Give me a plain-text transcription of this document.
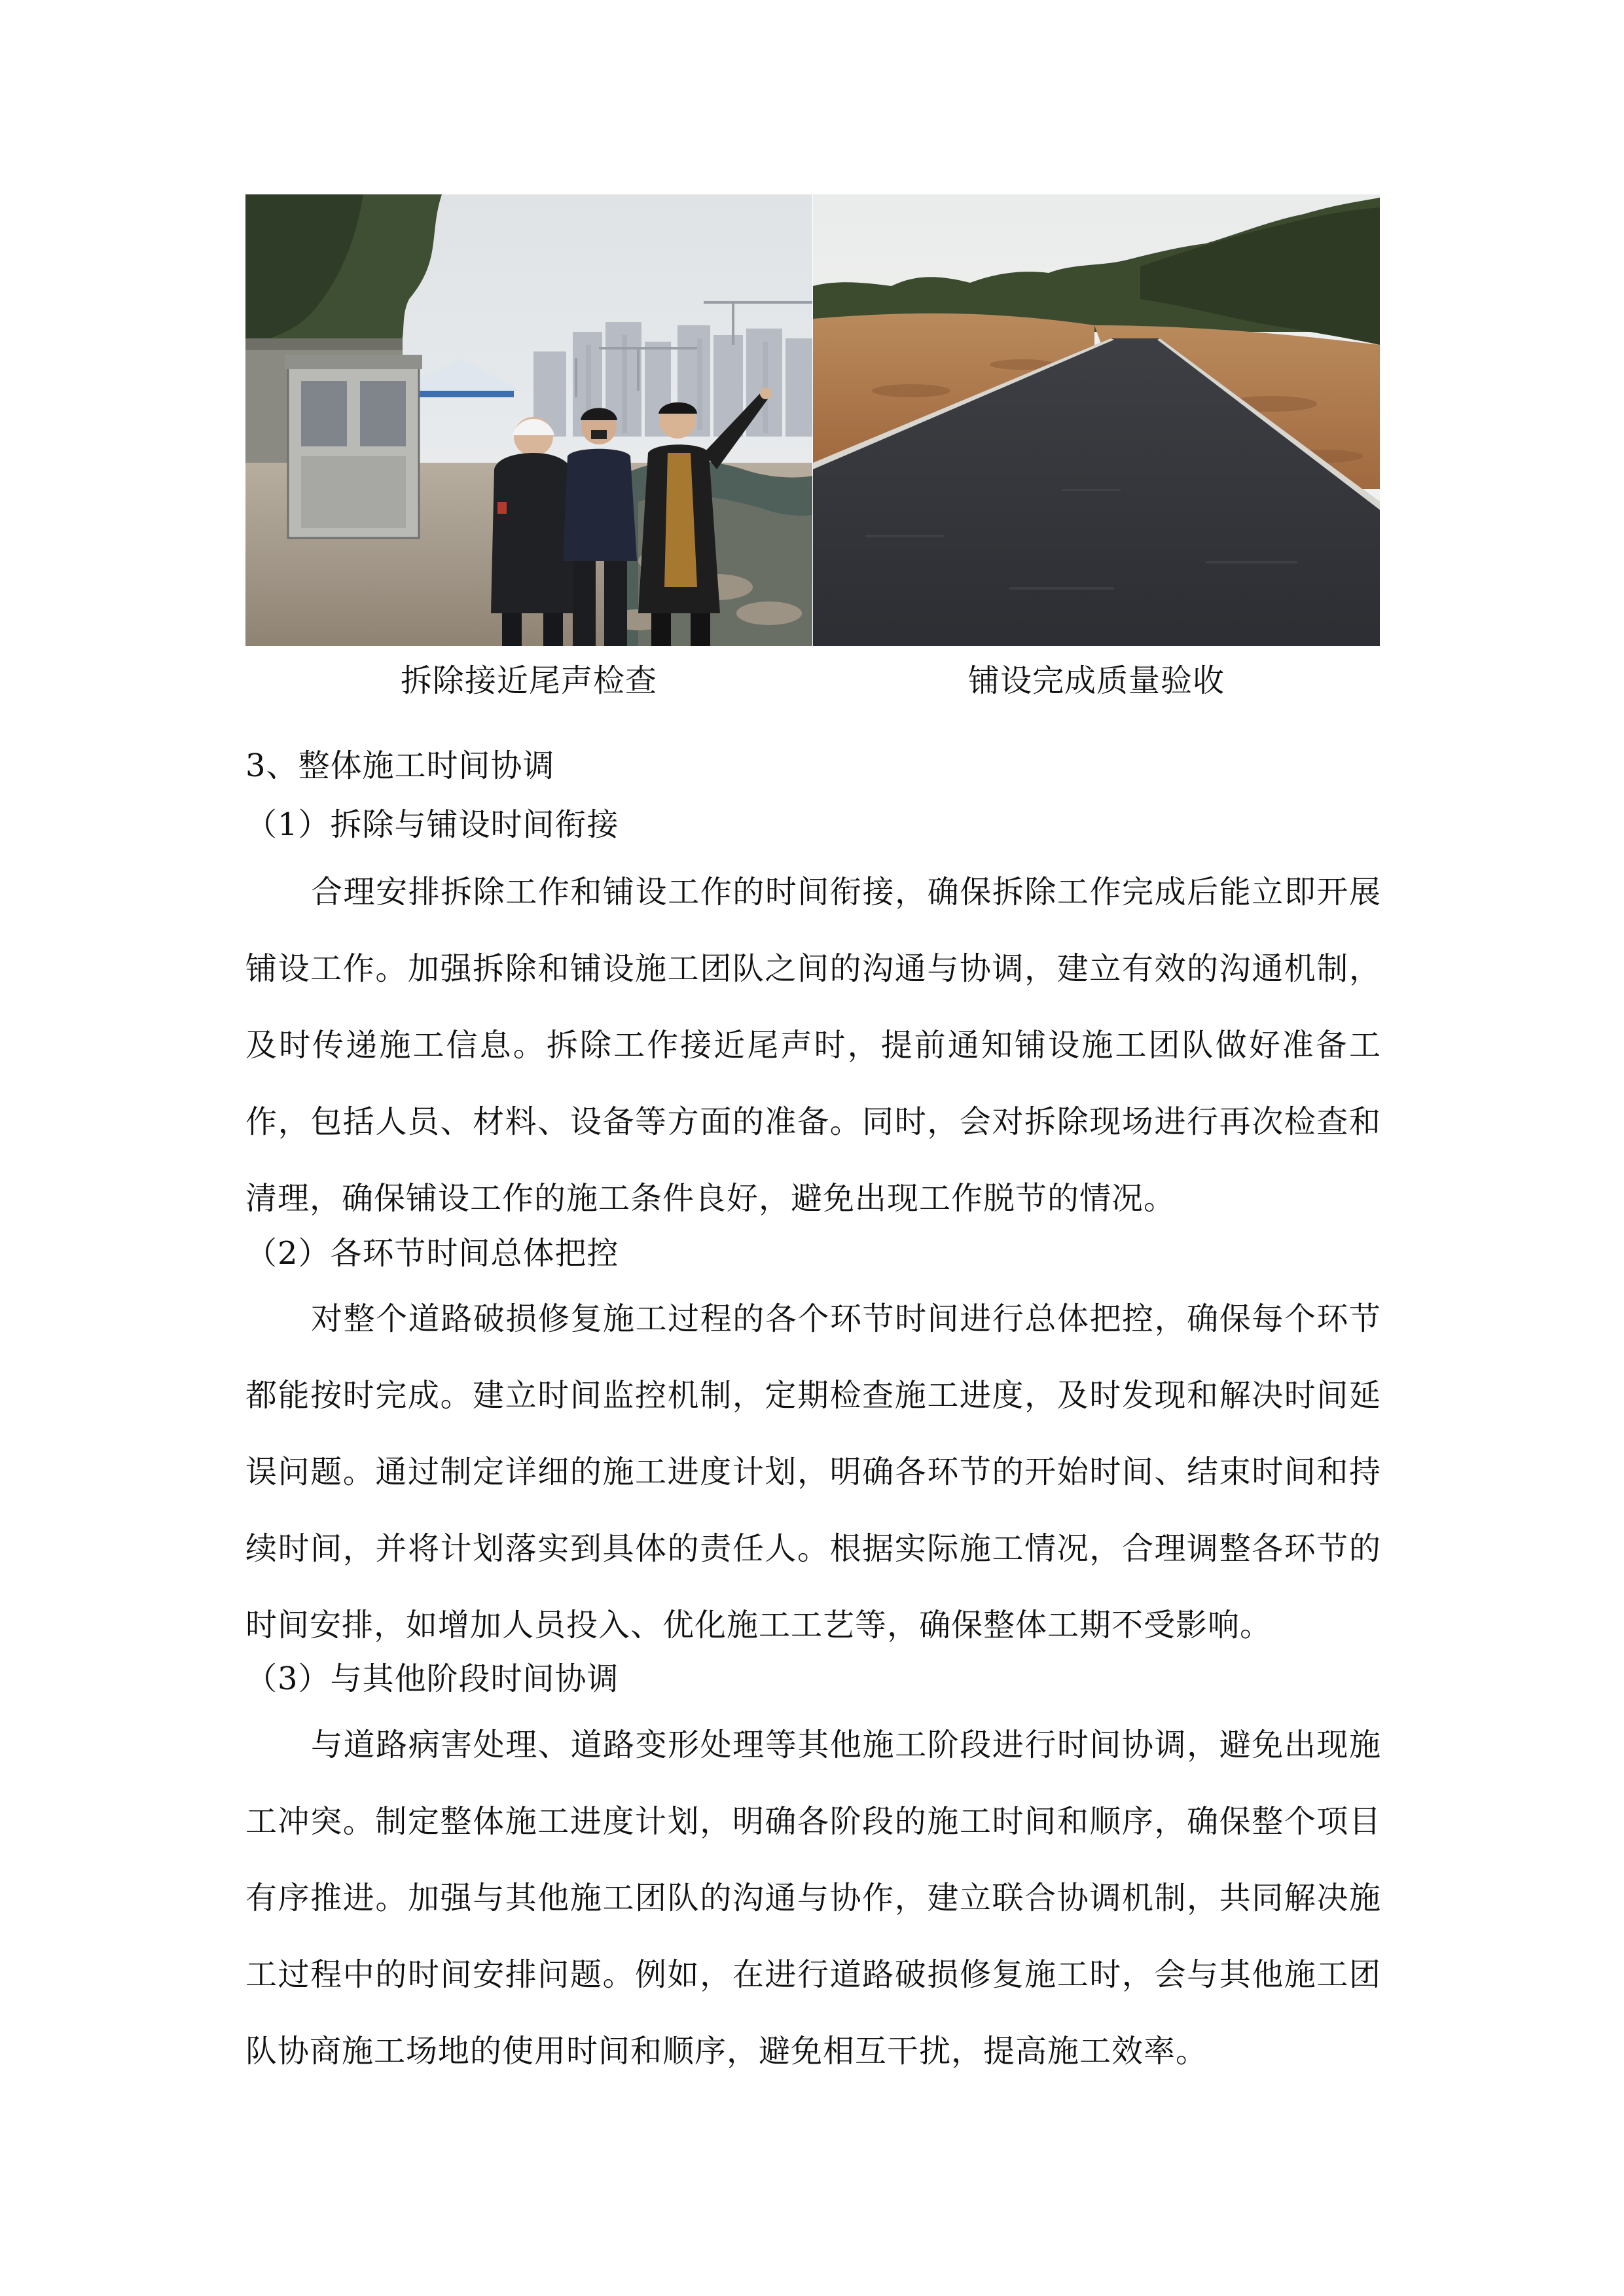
拆除接近尾声检查	铺设完成质量验收
3、整体施工时间协调
（1）拆除与铺设时间衔接
合理安排拆除工作和铺设工作的时间衔接，确保拆除工作完成后能立即开展铺设工作。加强拆除和铺设施工团队之间的沟通与协调，建立有效的沟通机制，及时传递施工信息。拆除工作接近尾声时，提前通知铺设施工团队做好准备工作，包括人员、材料、设备等方面的准备。同时，会对拆除现场进行再次检查和清理，确保铺设工作的施工条件良好，避免出现工作脱节的情况。
（2）各环节时间总体把控
对整个道路破损修复施工过程的各个环节时间进行总体把控，确保每个环节都能按时完成。建立时间监控机制，定期检查施工进度，及时发现和解决时间延误问题。通过制定详细的施工进度计划，明确各环节的开始时间、结束时间和持续时间，并将计划落实到具体的责任人。根据实际施工情况，合理调整各环节的时间安排，如增加人员投入、优化施工工艺等，确保整体工期不受影响。
（3）与其他阶段时间协调
与道路病害处理、道路变形处理等其他施工阶段进行时间协调，避免出现施工冲突。制定整体施工进度计划，明确各阶段的施工时间和顺序，确保整个项目有序推进。加强与其他施工团队的沟通与协作，建立联合协调机制，共同解决施工过程中的时间安排问题。例如，在进行道路破损修复施工时，会与其他施工团队协商施工场地的使用时间和顺序，避免相互干扰，提高施工效率。
